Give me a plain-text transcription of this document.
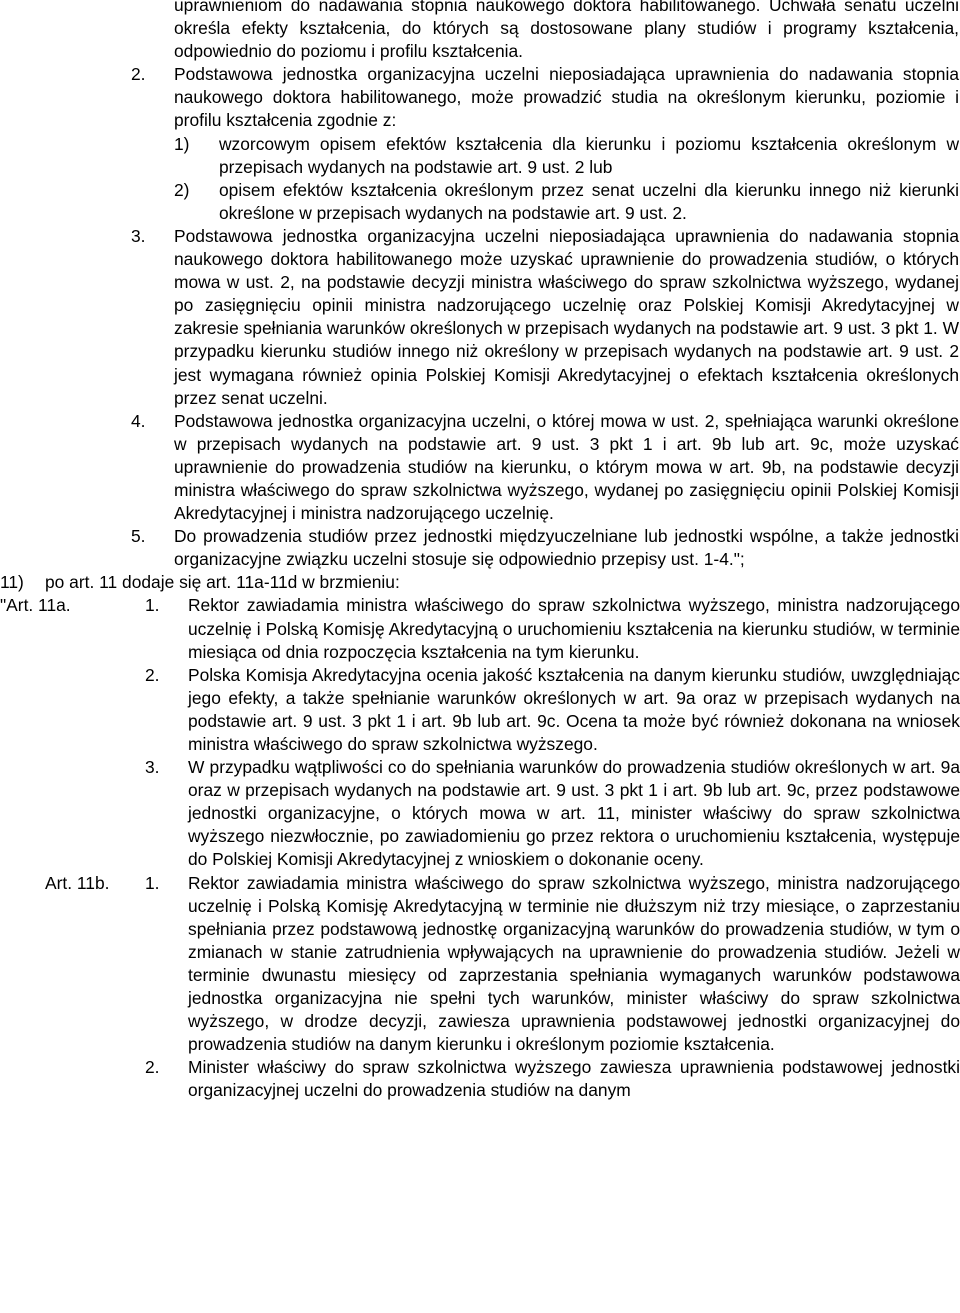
uprawnieniom do nadawania stopnia naukowego doktora habilitowanego. Uchwała senatu uczelni określa efekty kształcenia, do których są dostosowane plany studiów i programy kształcenia, odpowiednio do poziomu i profilu kształcenia.
2.	Podstawowa jednostka organizacyjna uczelni nieposiadająca uprawnienia do nadawania stopnia naukowego doktora habilitowanego, może prowadzić studia na określonym kierunku, poziomie i profilu kształcenia zgodnie z:
1)	wzorcowym opisem efektów kształcenia dla kierunku i poziomu kształcenia określonym w przepisach wydanych na podstawie art. 9 ust. 2 lub
2)	opisem efektów kształcenia określonym przez senat uczelni dla kierunku innego niż kierunki określone w przepisach wydanych na podstawie art. 9 ust. 2.
3.	Podstawowa jednostka organizacyjna uczelni nieposiadająca uprawnienia do nadawania stopnia naukowego doktora habilitowanego może uzyskać uprawnienie do prowadzenia studiów, o których mowa w ust. 2, na podstawie decyzji ministra właściwego do spraw szkolnictwa wyższego, wydanej po zasięgnięciu opinii ministra nadzorującego uczelnię oraz Polskiej Komisji Akredytacyjnej w zakresie spełniania warunków określonych w przepisach wydanych na podstawie art. 9 ust. 3 pkt 1. W przypadku kierunku studiów innego niż określony w przepisach wydanych na podstawie art. 9 ust. 2 jest wymagana również opinia Polskiej Komisji Akredytacyjnej o efektach kształcenia określonych przez senat uczelni.
4.	Podstawowa jednostka organizacyjna uczelni, o której mowa w ust. 2, spełniająca warunki określone w przepisach wydanych na podstawie art. 9 ust. 3 pkt 1 i art. 9b lub art. 9c, może uzyskać uprawnienie do prowadzenia studiów na kierunku, o którym mowa w art. 9b, na podstawie decyzji ministra właściwego do spraw szkolnictwa wyższego, wydanej po zasięgnięciu opinii Polskiej Komisji Akredytacyjnej i ministra nadzorującego uczelnię.
5.	Do prowadzenia studiów przez jednostki międzyuczelniane lub jednostki wspólne, a także jednostki organizacyjne związku uczelni stosuje się odpowiednio przepisy ust. 1-4.";
11)	po art. 11 dodaje się art. 11a-11d w brzmieniu:
"Art. 11a.	1.	Rektor zawiadamia ministra właściwego do spraw szkolnictwa wyższego, ministra nadzorującego uczelnię i Polską Komisję Akredytacyjną o uruchomieniu kształcenia na kierunku studiów, w terminie miesiąca od dnia rozpoczęcia kształcenia na tym kierunku.
2.	Polska Komisja Akredytacyjna ocenia jakość kształcenia na danym kierunku studiów, uwzględniając jego efekty, a także spełnianie warunków określonych w art. 9a oraz w przepisach wydanych na podstawie art. 9 ust. 3 pkt 1 i art. 9b lub art. 9c. Ocena ta może być również dokonana na wniosek ministra właściwego do spraw szkolnictwa wyższego.
3.	W przypadku wątpliwości co do spełniania warunków do prowadzenia studiów określonych w art. 9a oraz w przepisach wydanych na podstawie art. 9 ust. 3 pkt 1 i art. 9b lub art. 9c, przez podstawowe jednostki organizacyjne, o których mowa w art. 11, minister właściwy do spraw szkolnictwa wyższego niezwłocznie, po zawiadomieniu go przez rektora o uruchomieniu kształcenia, występuje do Polskiej Komisji Akredytacyjnej z wnioskiem o dokonanie oceny.
Art. 11b.	1.	Rektor zawiadamia ministra właściwego do spraw szkolnictwa wyższego, ministra nadzorującego uczelnię i Polską Komisję Akredytacyjną w terminie nie dłuższym niż trzy miesiące, o zaprzestaniu spełniania przez podstawową jednostkę organizacyjną warunków do prowadzenia studiów, w tym o zmianach w stanie zatrudnienia wpływających na uprawnienie do prowadzenia studiów. Jeżeli w terminie dwunastu miesięcy od zaprzestania spełniania wymaganych warunków podstawowa jednostka organizacyjna nie spełni tych warunków, minister właściwy do spraw szkolnictwa wyższego, w drodze decyzji, zawiesza uprawnienia podstawowej jednostki organizacyjnej do prowadzenia studiów na danym kierunku i określonym poziomie kształcenia.
2.	Minister właściwy do spraw szkolnictwa wyższego zawiesza uprawnienia podstawowej jednostki organizacyjnej uczelni do prowadzenia studiów na danym
